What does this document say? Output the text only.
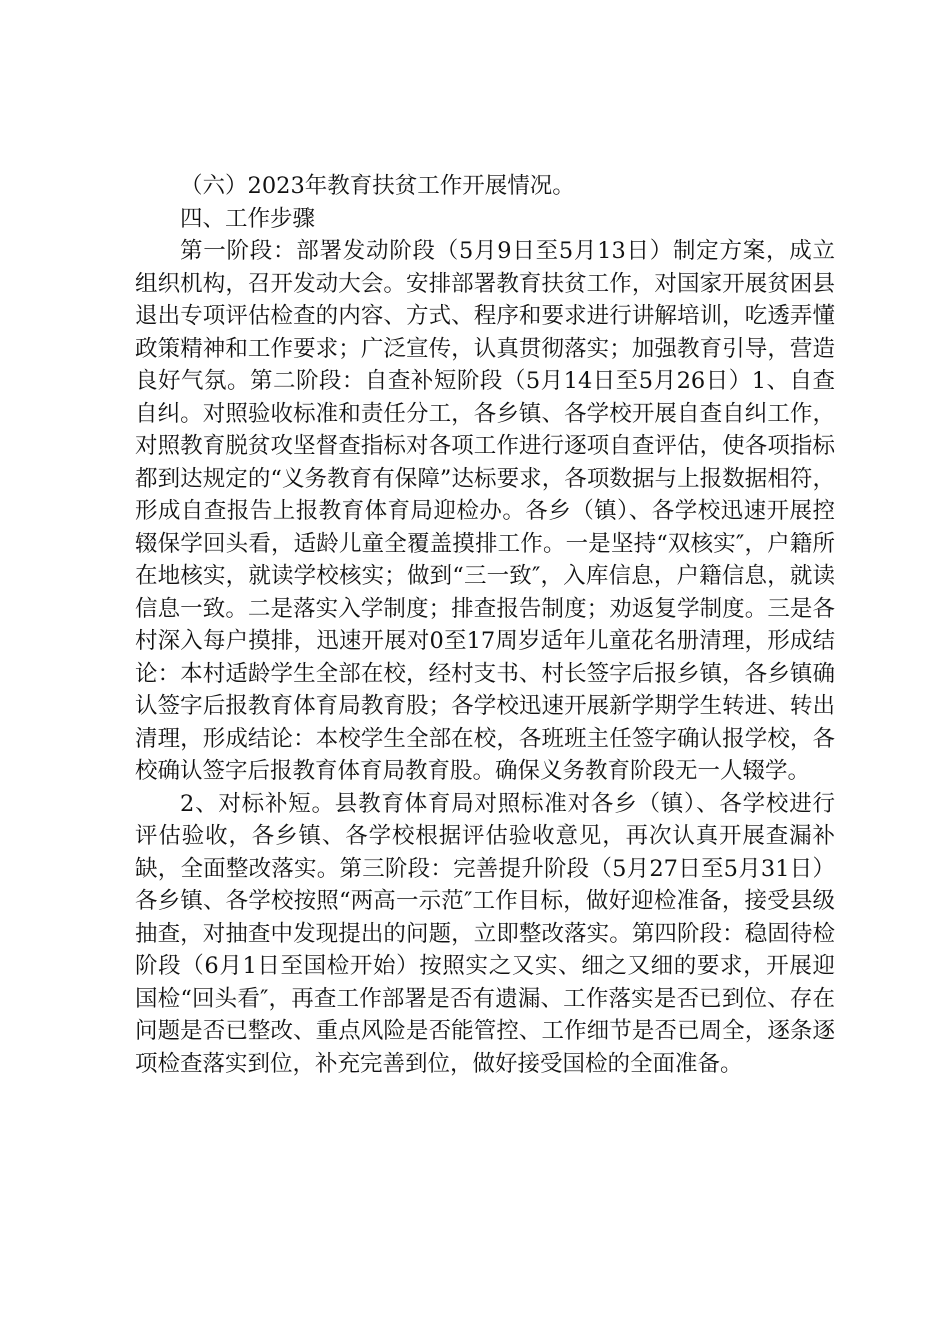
（六）2023年教育扶贫工作开展情况。

四、工作步骤

第一阶段：部署发动阶段（5月9日至5月13日）制定方案，成立组织机构，召开发动大会。安排部署教育扶贫工作，对国家开展贫困县退出专项评估检查的内容、方式、程序和要求进行讲解培训，吃透弄懂政策精神和工作要求；广泛宣传，认真贯彻落实；加强教育引导，营造良好气氛。第二阶段：自查补短阶段（5月14日至5月26日）1、自查自纠。对照验收标准和责任分工，各乡镇、各学校开展自查自纠工作，对照教育脱贫攻坚督查指标对各项工作进行逐项自查评估，使各项指标都到达规定的“义务教育有保障”达标要求，各项数据与上报数据相符，形成自查报告上报教育体育局迎检办。各乡（镇）、各学校迅速开展控辍保学回头看，适龄儿童全覆盖摸排工作。一是坚持“双核实″，户籍所在地核实，就读学校核实；做到“三一致″，入库信息，户籍信息，就读信息一致。二是落实入学制度；排查报告制度；劝返复学制度。三是各村深入每户摸排，迅速开展对0至17周岁适年儿童花名册清理，形成结论：本村适龄学生全部在校，经村支书、村长签字后报乡镇，各乡镇确认签字后报教育体育局教育股；各学校迅速开展新学期学生转进、转出清理，形成结论：本校学生全部在校，各班班主任签字确认报学校，各校确认签字后报教育体育局教育股。确保义务教育阶段无一人辍学。

2、对标补短。县教育体育局对照标准对各乡（镇）、各学校进行评估验收，各乡镇、各学校根据评估验收意见，再次认真开展查漏补缺，全面整改落实。第三阶段：完善提升阶段（5月27日至5月31日）各乡镇、各学校按照“两高一示范″工作目标，做好迎检准备，接受县级抽查，对抽查中发现提出的问题，立即整改落实。第四阶段：稳固待检阶段（6月1日至国检开始）按照实之又实、细之又细的要求，开展迎国检“回头看″，再查工作部署是否有遗漏、工作落实是否已到位、存在问题是否已整改、重点风险是否能管控、工作细节是否已周全，逐条逐项检查落实到位，补充完善到位，做好接受国检的全面准备。
